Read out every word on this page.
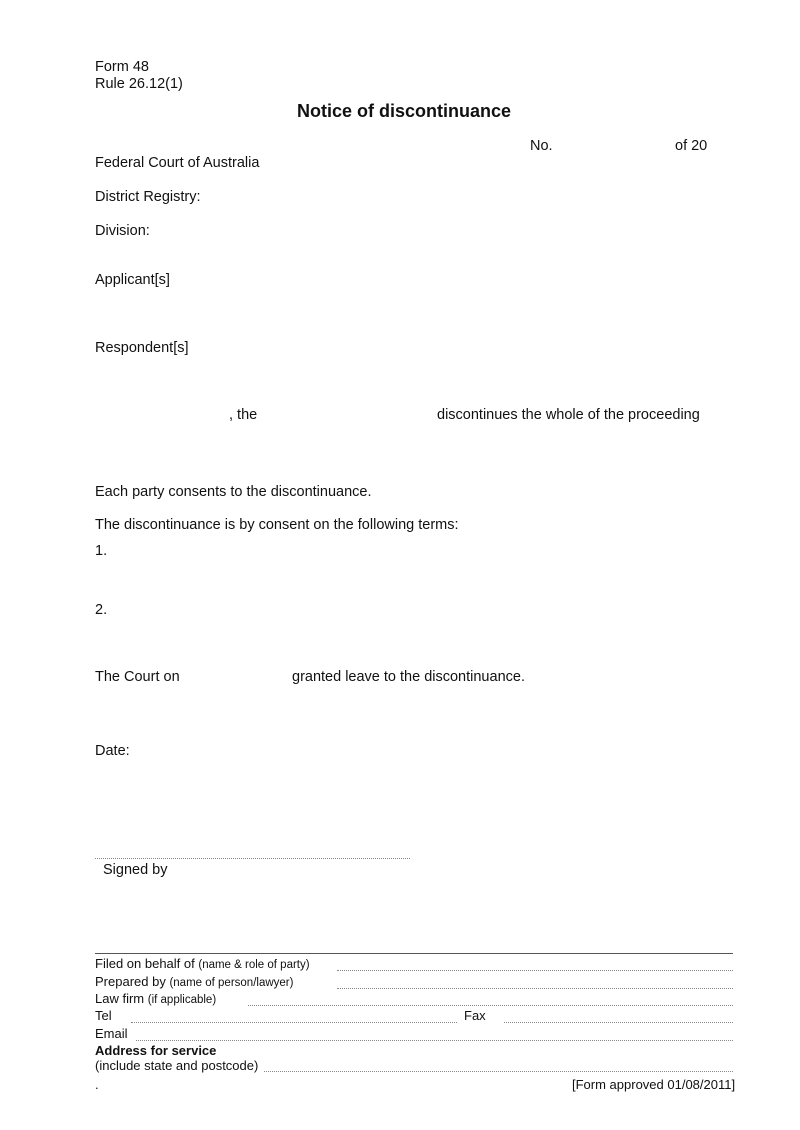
Form 48
Rule 26.12(1)
Notice of discontinuance
No.	of 20
Federal Court of Australia
District Registry:
Division:
Applicant[s]
Respondent[s]
, the	discontinues the whole of the proceeding
Each party consents to the discontinuance.
The discontinuance is by consent on the following terms:
1.
2.
The Court on	granted leave to the discontinuance.
Date:
Signed by
Filed on behalf of (name & role of party)
Prepared by (name of person/lawyer)
Law firm (if applicable)
Tel	Fax
Email
Address for service
(include state and postcode)
.	[Form approved 01/08/2011]
